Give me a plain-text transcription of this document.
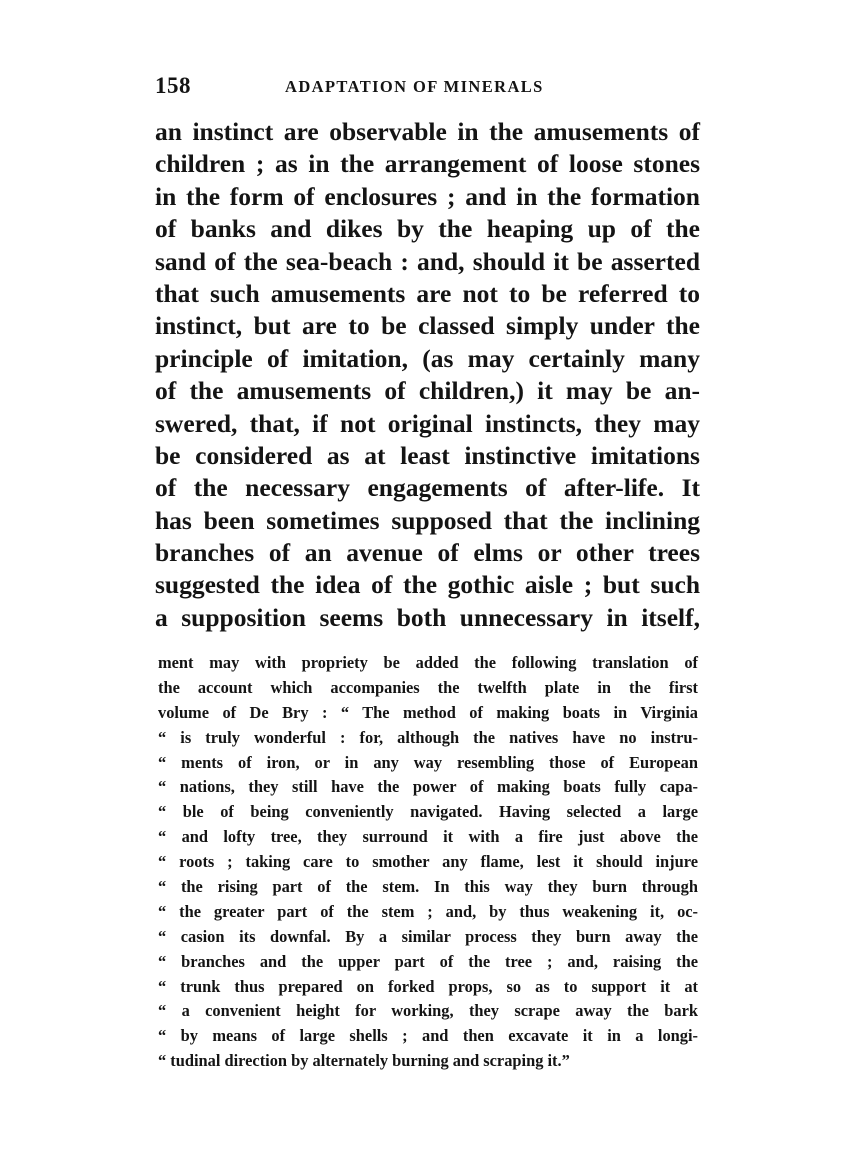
158	ADAPTATION OF MINERALS
an instinct are observable in the amusements of
children ; as in the arrangement of loose stones
in the form of enclosures ; and in the formation
of banks and dikes by the heaping up of the
sand of the sea-beach : and, should it be asserted
that such amusements are not to be referred to
instinct, but are to be classed simply under the
principle of imitation, (as may certainly many
of the amusements of children,) it may be an-
swered, that, if not original instincts, they may
be considered as at least instinctive imitations
of the necessary engagements of after-life. It
has been sometimes supposed that the inclining
branches of an avenue of elms or other trees
suggested the idea of the gothic aisle ; but such
a supposition seems both unnecessary in itself,
ment may with propriety be added the following translation of
the account which accompanies the twelfth plate in the first
volume of De Bry : “ The method of making boats in Virginia
“ is truly wonderful : for, although the natives have no instru-
“ ments of iron, or in any way resembling those of European
“ nations, they still have the power of making boats fully capa-
“ ble of being conveniently navigated. Having selected a large
“ and lofty tree, they surround it with a fire just above the
“ roots ; taking care to smother any flame, lest it should injure
“ the rising part of the stem. In this way they burn through
“ the greater part of the stem ; and, by thus weakening it, oc-
“ casion its downfal. By a similar process they burn away the
“ branches and the upper part of the tree ; and, raising the
“ trunk thus prepared on forked props, so as to support it at
“ a convenient height for working, they scrape away the bark
“ by means of large shells ; and then excavate it in a longi-
“ tudinal direction by alternately burning and scraping it.”
